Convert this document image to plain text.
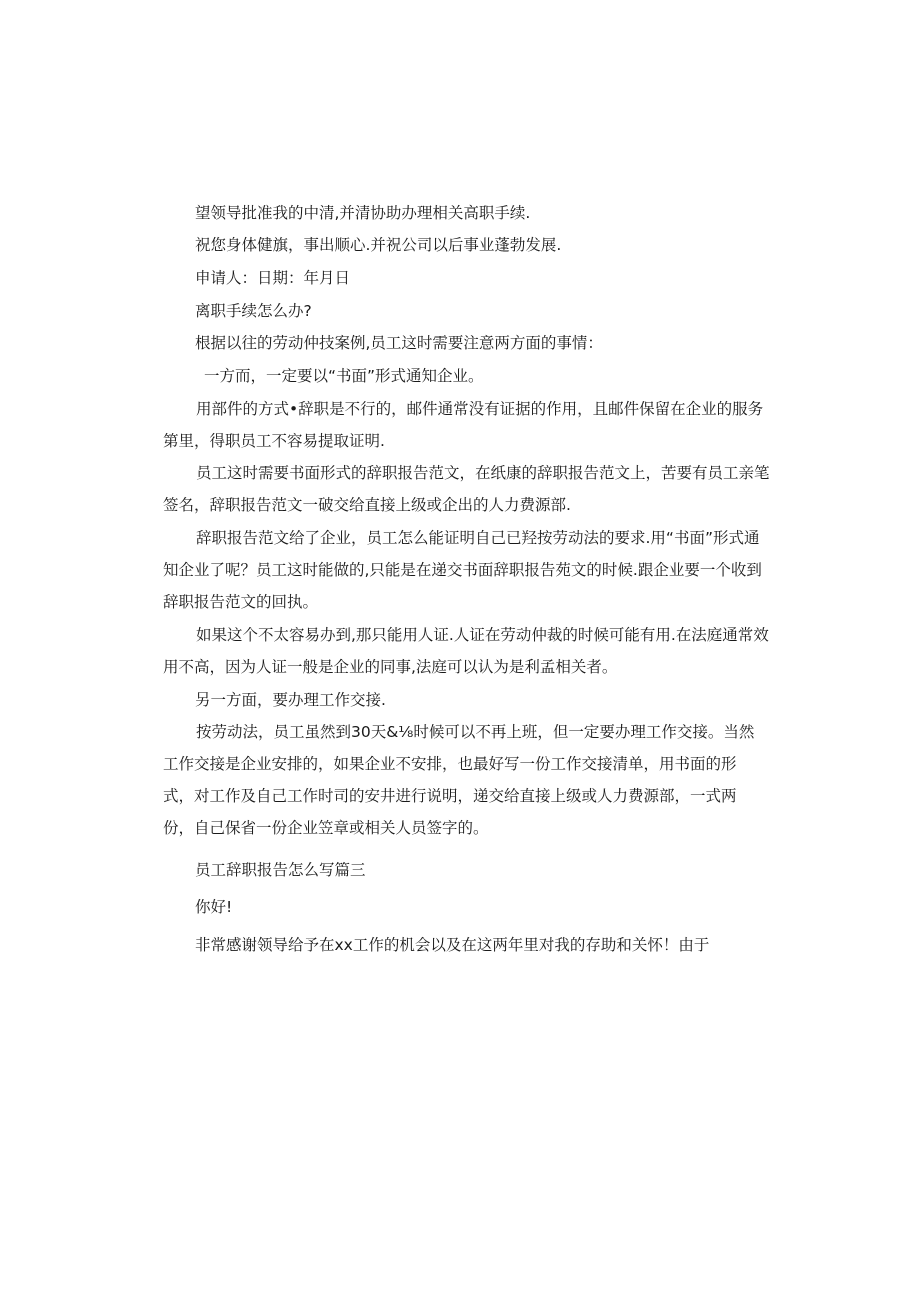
望领导批准我的中清,并清协助办理相关高职手续.

祝您身体健旗，事出顺心.并祝公司以后事业蓬勃发展.

申请人：日期：年月日

离职手续怎么办?

根据以往的劳动仲技案例,员工这时需要注意两方面的事情：

一方而，一定要以“书面”形式通知企业。

用部件的方式•辞职是不行的，邮件通常没有证据的作用，且邮件保留在企业的服务
第里，得职员工不容易提取证明.

员工这时需要书面形式的辞职报告范文，在纸康的辞职报告范文上，苦要有员工亲笔
签名，辞职报告范文一破交给直接上级或企出的人力费源部.

辞职报告范文给了企业，员工怎么能证明自己已羟按劳动法的要求.用“书面”形式通
知企业了呢？员工这时能做的,只能是在递交书面辞职报告苑文的时候.跟企业要一个收到
辞职报告范文的回执。

如果这个不太容易办到,那只能用人证.人证在劳动仲裁的时候可能有用.在法庭通常效
用不高，因为人证一般是企业的同事,法庭可以认为是利孟相关者。

另一方面，要办理工作交接.

按劳动法，员工虽然到30天&⅛时候可以不再上班，但一定要办理工作交接。当然
工作交接是企业安排的，如果企业不安排，也最好写一份工作交接清单，用书面的形
式，对工作及自己工作时司的安井进行说明，递交给直接上级或人力费源部，一式两
份，自己保省一份企业笠章或相关人员签字的。

员工辞职报告怎么写篇三

你好!

非常感谢领导给予在xx工作的机会以及在这两年里对我的存助和关怀！由于
